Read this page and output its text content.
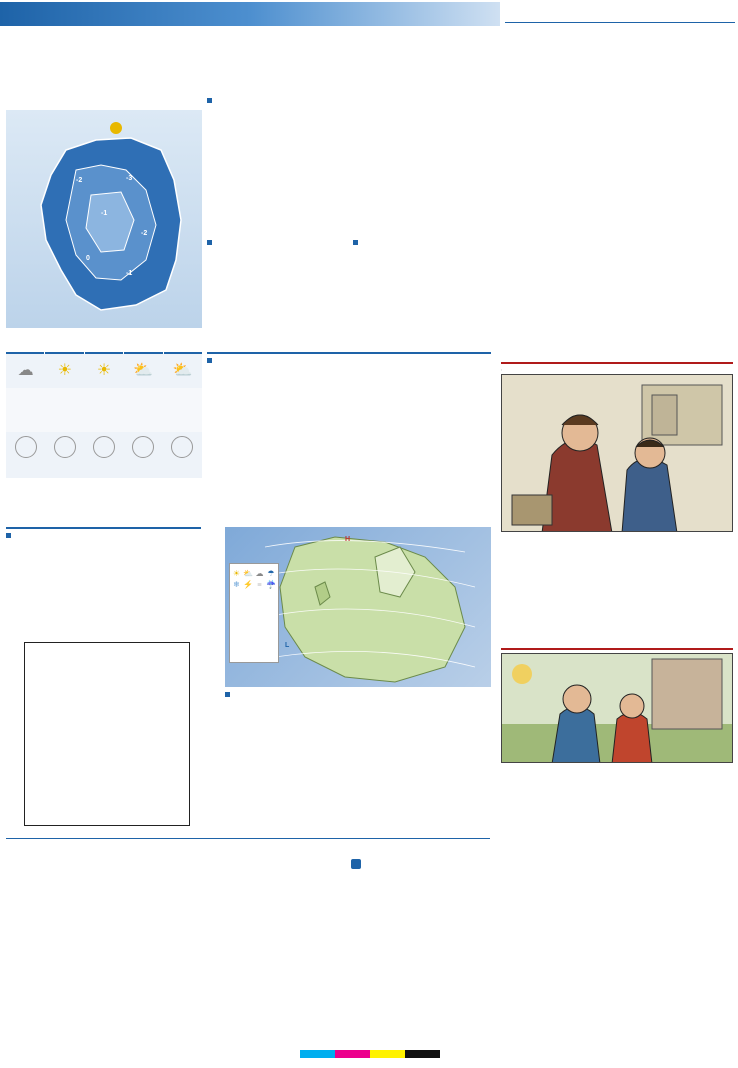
-2	-3
-1
-2
0
-1
☁	☀	☀	⛅	⛅
				,
H
L
☀ ⛅ ☁ ☂
❄ ⚡ ≡ ☔
